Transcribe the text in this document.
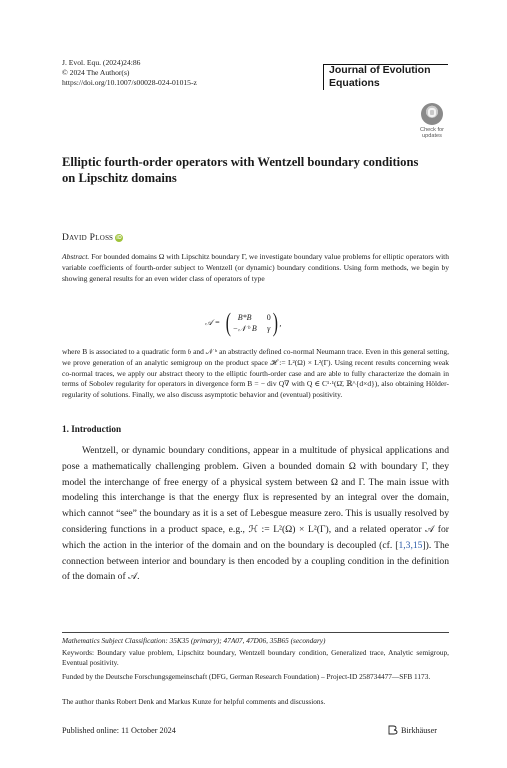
J. Evol. Equ. (2024)24:86
© 2024 The Author(s)
https://doi.org/10.1007/s00028-024-01015-z
Journal of Evolution
Equations
Check for
updates
Elliptic fourth-order operators with Wentzell boundary conditions
on Lipschitz domains
David Ploß iD
Abstract. For bounded domains Ω with Lipschitz boundary Γ, we investigate boundary value problems for elliptic operators with variable coefficients of fourth-order subject to Wentzell (or dynamic) boundary conditions. Using form methods, we begin by showing general results for an even wider class of operators of type
𝒜 = ( B*B	0
−𝒩 ᵇ B γ ) ,
where B is associated to a quadratic form 𝔟 and 𝒩 ᵇ an abstractly defined co-normal Neumann trace. Even in this general setting, we prove generation of an analytic semigroup on the product space ℋ := L²(Ω) × L²(Γ). Using recent results concerning weak co-normal traces, we apply our abstract theory to the elliptic fourth-order case and are able to fully characterize the domain in terms of Sobolev regularity for operators in divergence form B = − div Q∇ with Q ∈ C¹·¹(Ω̄, ℝ^{d×d}), also obtaining Hölder-regularity of solutions. Finally, we also discuss asymptotic behavior and (eventual) positivity.
1. Introduction
Wentzell, or dynamic boundary conditions, appear in a multitude of physical applications and pose a mathematically challenging problem. Given a bounded domain Ω with boundary Γ, they model the interchange of free energy of a physical system between Ω and Γ. The main issue with modeling this interchange is that the energy flux is represented by an integral over the domain, which cannot “see” the boundary as it is a set of Lebesgue measure zero. This is usually resolved by considering functions in a product space, e.g., ℋ := L²(Ω) × L²(Γ), and a related operator 𝒜 for which the action in the interior of the domain and on the boundary is decoupled (cf. [1,3,15]). The connection between interior and boundary is then encoded by a coupling condition in the definition of the domain of 𝒜.
Mathematics Subject Classification: 35K35 (primary); 47A07, 47D06, 35B65 (secondary)
Keywords: Boundary value problem, Lipschitz boundary, Wentzell boundary condition, Generalized trace, Analytic semigroup, Eventual positivity.
Funded by the Deutsche Forschungsgemeinschaft (DFG, German Research Foundation) – Project-ID 258734477—SFB 1173.
The author thanks Robert Denk and Markus Kunze for helpful comments and discussions.
Published online: 11 October 2024	Birkhäuser
